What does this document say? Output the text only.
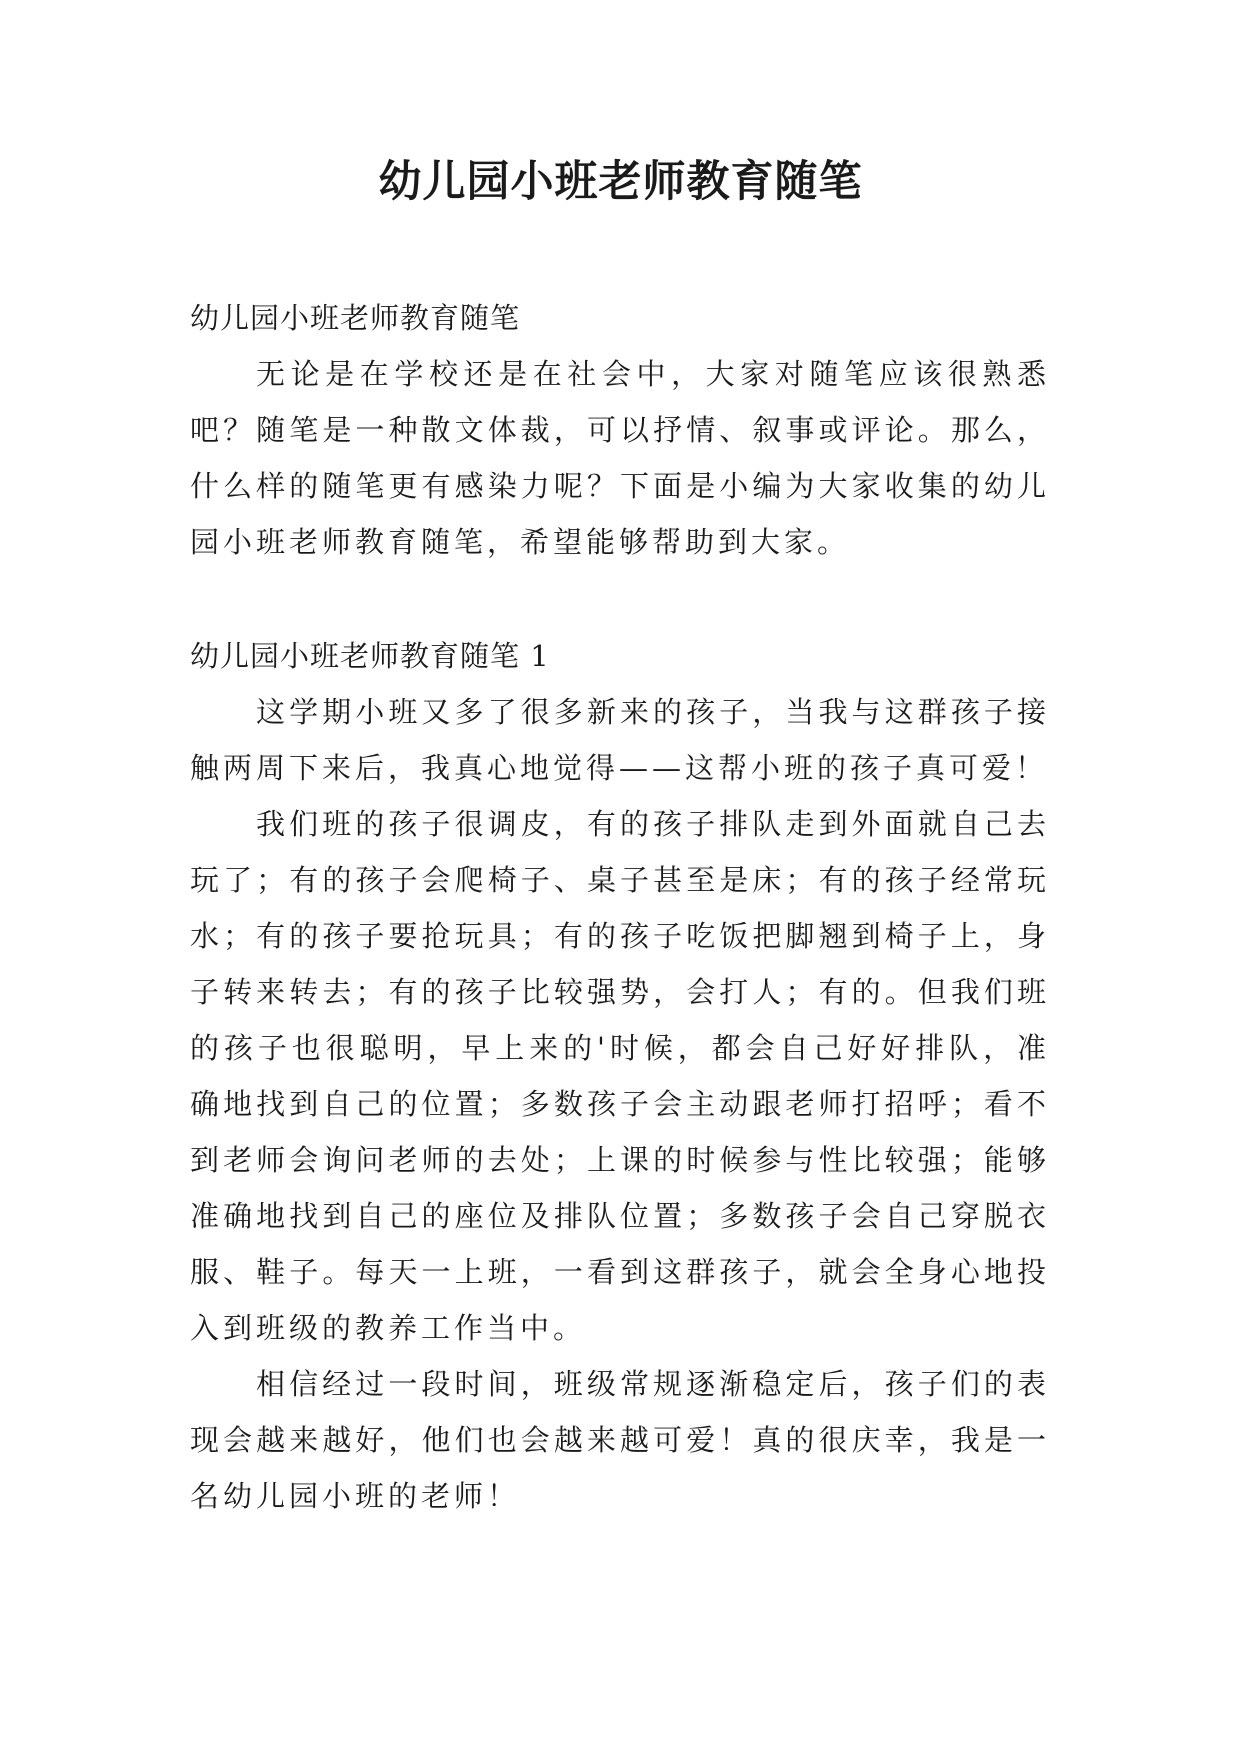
幼儿园小班老师教育随笔

幼儿园小班老师教育随笔

无论是在学校还是在社会中，大家对随笔应该很熟悉吧？随笔是一种散文体裁，可以抒情、叙事或评论。那么，什么样的随笔更有感染力呢？下面是小编为大家收集的幼儿园小班老师教育随笔，希望能够帮助到大家。

幼儿园小班老师教育随笔 1

这学期小班又多了很多新来的孩子，当我与这群孩子接触两周下来后，我真心地觉得——这帮小班的孩子真可爱！

我们班的孩子很调皮，有的孩子排队走到外面就自己去玩了；有的孩子会爬椅子、桌子甚至是床；有的孩子经常玩水；有的孩子要抢玩具；有的孩子吃饭把脚翘到椅子上，身子转来转去；有的孩子比较强势，会打人；有的。但我们班的孩子也很聪明，早上来的'时候，都会自己好好排队，准确地找到自己的位置；多数孩子会主动跟老师打招呼；看不到老师会询问老师的去处；上课的时候参与性比较强；能够准确地找到自己的座位及排队位置；多数孩子会自己穿脱衣服、鞋子。每天一上班，一看到这群孩子，就会全身心地投入到班级的教养工作当中。

相信经过一段时间，班级常规逐渐稳定后，孩子们的表现会越来越好，他们也会越来越可爱！真的很庆幸，我是一名幼儿园小班的老师！
